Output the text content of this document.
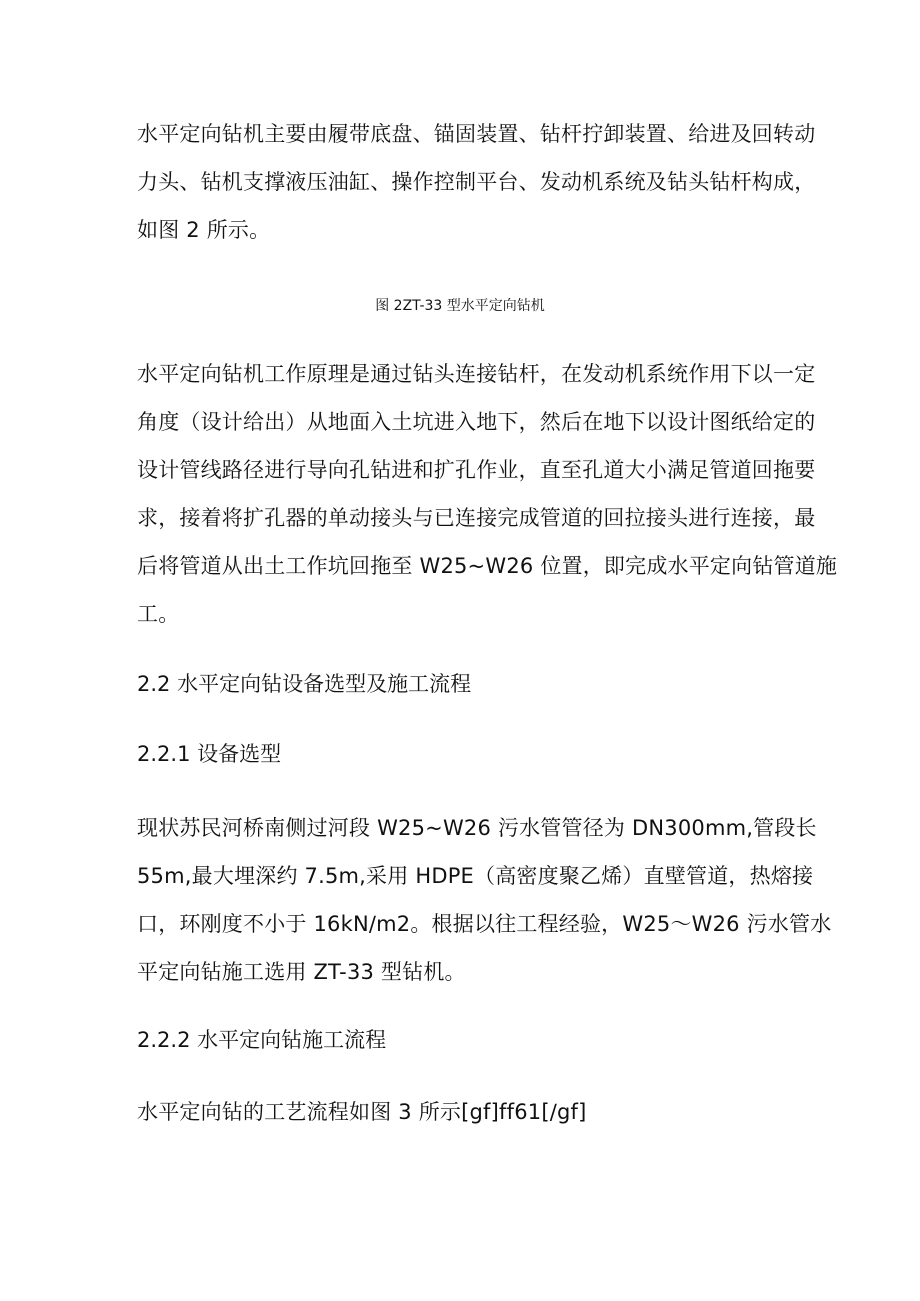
水平定向钻机主要由履带底盘、锚固装置、钻杆拧卸装置、给进及回转动
力头、钻机支撑液压油缸、操作控制平台、发动机系统及钻头钻杆构成，
如图 2 所示。
图 2ZT-33 型水平定向钻机
水平定向钻机工作原理是通过钻头连接钻杆，在发动机系统作用下以一定
角度（设计给出）从地面入土坑进入地下，然后在地下以设计图纸给定的
设计管线路径进行导向孔钻进和扩孔作业，直至孔道大小满足管道回拖要
求，接着将扩孔器的单动接头与已连接完成管道的回拉接头进行连接，最
后将管道从出土工作坑回拖至 W25~W26 位置，即完成水平定向钻管道施
工。
2.2 水平定向钻设备选型及施工流程
2.2.1 设备选型
现状苏民河桥南侧过河段 W25~W26 污水管管径为 DN300mm,管段长
55m,最大埋深约 7.5m,采用 HDPE（高密度聚乙烯）直壁管道，热熔接
口，环刚度不小于 16kN∕m2。根据以往工程经验，W25～W26 污水管水
平定向钻施工选用 ZT-33 型钻机。
2.2.2 水平定向钻施工流程
水平定向钻的工艺流程如图 3 所示[gf]ff61[∕gf]
